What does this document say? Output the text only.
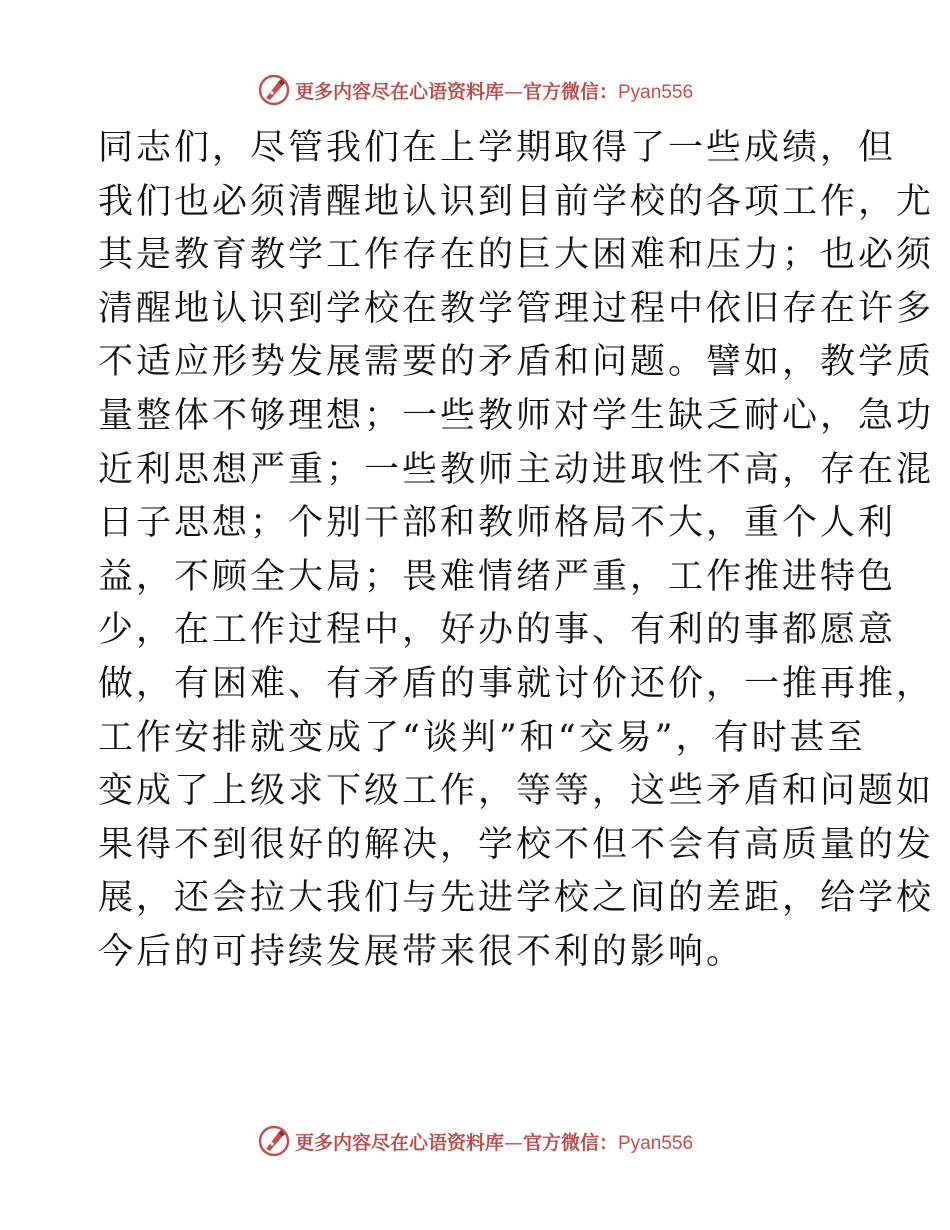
更多内容尽在心语资料库—官方微信：Pyan556
同志们，尽管我们在上学期取得了一些成绩，但
我们也必须清醒地认识到目前学校的各项工作，尤
其是教育教学工作存在的巨大困难和压力；也必须
清醒地认识到学校在教学管理过程中依旧存在许多
不适应形势发展需要的矛盾和问题。譬如，教学质
量整体不够理想；一些教师对学生缺乏耐心，急功
近利思想严重；一些教师主动进取性不高，存在混
日子思想；个别干部和教师格局不大，重个人利
益，不顾全大局；畏难情绪严重，工作推进特色
少，在工作过程中，好办的事、有利的事都愿意
做，有困难、有矛盾的事就讨价还价，一推再推，
工作安排就变成了“谈判”和“交易”，有时甚至
变成了上级求下级工作，等等，这些矛盾和问题如
果得不到很好的解决，学校不但不会有高质量的发
展，还会拉大我们与先进学校之间的差距，给学校
今后的可持续发展带来很不利的影响。
更多内容尽在心语资料库—官方微信：Pyan556
